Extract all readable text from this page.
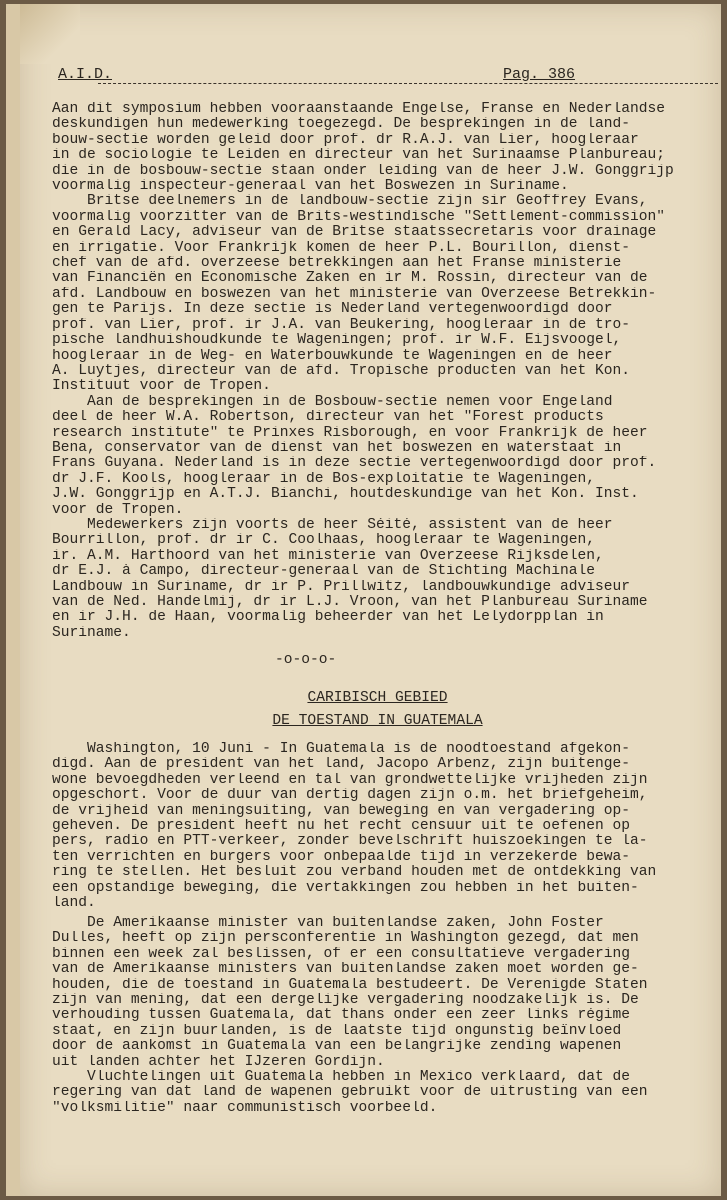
A.I.D.	Pag. 386
Aan dit symposium hebben vooraanstaande Engelse, Franse en Nederlandse
deskundigen hun medewerking toegezegd. De besprekingen in de land-
bouw-sectie worden geleid door prof. dr R.A.J. van Lier, hoogleraar
in de sociologie te Leiden en directeur van het Surinaamse Planbureau;
die in de bosbouw-sectie staan onder leiding van de heer J.W. Gonggrijp
voormalig inspecteur-generaal van het Boswezen in Suriname.
Britse deelnemers in de landbouw-sectie zijn sir Geoffrey Evans,
voormalig voorzitter van de Brits-westindische "Settlement-commission"
en Gerald Lacy, adviseur van de Britse staatssecretaris voor drainage
en irrigatie. Voor Frankrijk komen de heer P.L. Bourillon, dienst-
chef van de afd. overzeese betrekkingen aan het Franse ministerie
van Financiën en Economische Zaken en ir M. Rossin, directeur van de
afd. Landbouw en boswezen van het ministerie van Overzeese Betrekkin-
gen te Parijs. In deze sectie is Nederland vertegenwoordigd door
prof. van Lier, prof. ir J.A. van Beukering, hoogleraar in de tro-
pische landhuishoudkunde te Wageningen; prof. ir W.F. Eijsvoogel,
hoogleraar in de Weg- en Waterbouwkunde te Wageningen en de heer
A. Luytjes, directeur van de afd. Tropische producten van het Kon.
Instituut voor de Tropen.
Aan de besprekingen in de Bosbouw-sectie nemen voor Engeland
deel de heer W.A. Robertson, directeur van het "Forest products
research institute" te Prinxes Risborough, en voor Frankrijk de heer
Bena, conservator van de dienst van het boswezen en waterstaat in
Frans Guyana. Nederland is in deze sectie vertegenwoordigd door prof.
dr J.F. Kools, hoogleraar in de Bos-exploitatie te Wageningen,
J.W. Gonggrijp en A.T.J. Bianchi, houtdeskundige van het Kon. Inst.
voor de Tropen.
Medewerkers zijn voorts de heer Séité, assistent van de heer
Bourrillon, prof. dr ir C. Coolhaas, hoogleraar te Wageningen,
ir. A.M. Harthoord van het ministerie van Overzeese Rijksdelen,
dr E.J. à Campo, directeur-generaal van de Stichting Machinale
Landbouw in Suriname, dr ir P. Prillwitz, landbouwkundige adviseur
van de Ned. Handelmij, dr ir L.J. Vroon, van het Planbureau Suriname
en ir J.H. de Haan, voormalig beheerder van het Lelydorpplan in
Suriname.
-o-o-o-
CARIBISCH GEBIED
DE TOESTAND IN GUATEMALA
Washington, 10 Juni - In Guatemala is de noodtoestand afgekon-
digd. Aan de president van het land, Jacopo Arbenz, zijn buitenge-
wone bevoegdheden verleend en tal van grondwettelijke vrijheden zijn
opgeschort. Voor de duur van dertig dagen zijn o.m. het briefgeheim,
de vrijheid van meningsuiting, van beweging en van vergadering op-
geheven. De president heeft nu het recht censuur uit te oefenen op
pers, radio en PTT-verkeer, zonder bevelschrift huiszoekingen te la-
ten verrichten en burgers voor onbepaalde tijd in verzekerde bewa-
ring te stellen. Het besluit zou verband houden met de ontdekking van
een opstandige beweging, die vertakkingen zou hebben in het buiten-
land.
De Amerikaanse minister van buitenlandse zaken, John Foster
Dulles, heeft op zijn persconferentie in Washington gezegd, dat men
binnen een week zal beslissen, of er een consultatieve vergadering
van de Amerikaanse ministers van buitenlandse zaken moet worden ge-
houden, die de toestand in Guatemala bestudeert. De Verenigde Staten
zijn van mening, dat een dergelijke vergadering noodzakelijk is. De
verhouding tussen Guatemala, dat thans onder een zeer links régime
staat, en zijn buurlanden, is de laatste tijd ongunstig beïnvloed
door de aankomst in Guatemala van een belangrijke zending wapenen
uit landen achter het IJzeren Gordijn.
Vluchtelingen uit Guatemala hebben in Mexico verklaard, dat de
regering van dat land de wapenen gebruikt voor de uitrusting van een
"volksmilitie" naar communistisch voorbeeld.
